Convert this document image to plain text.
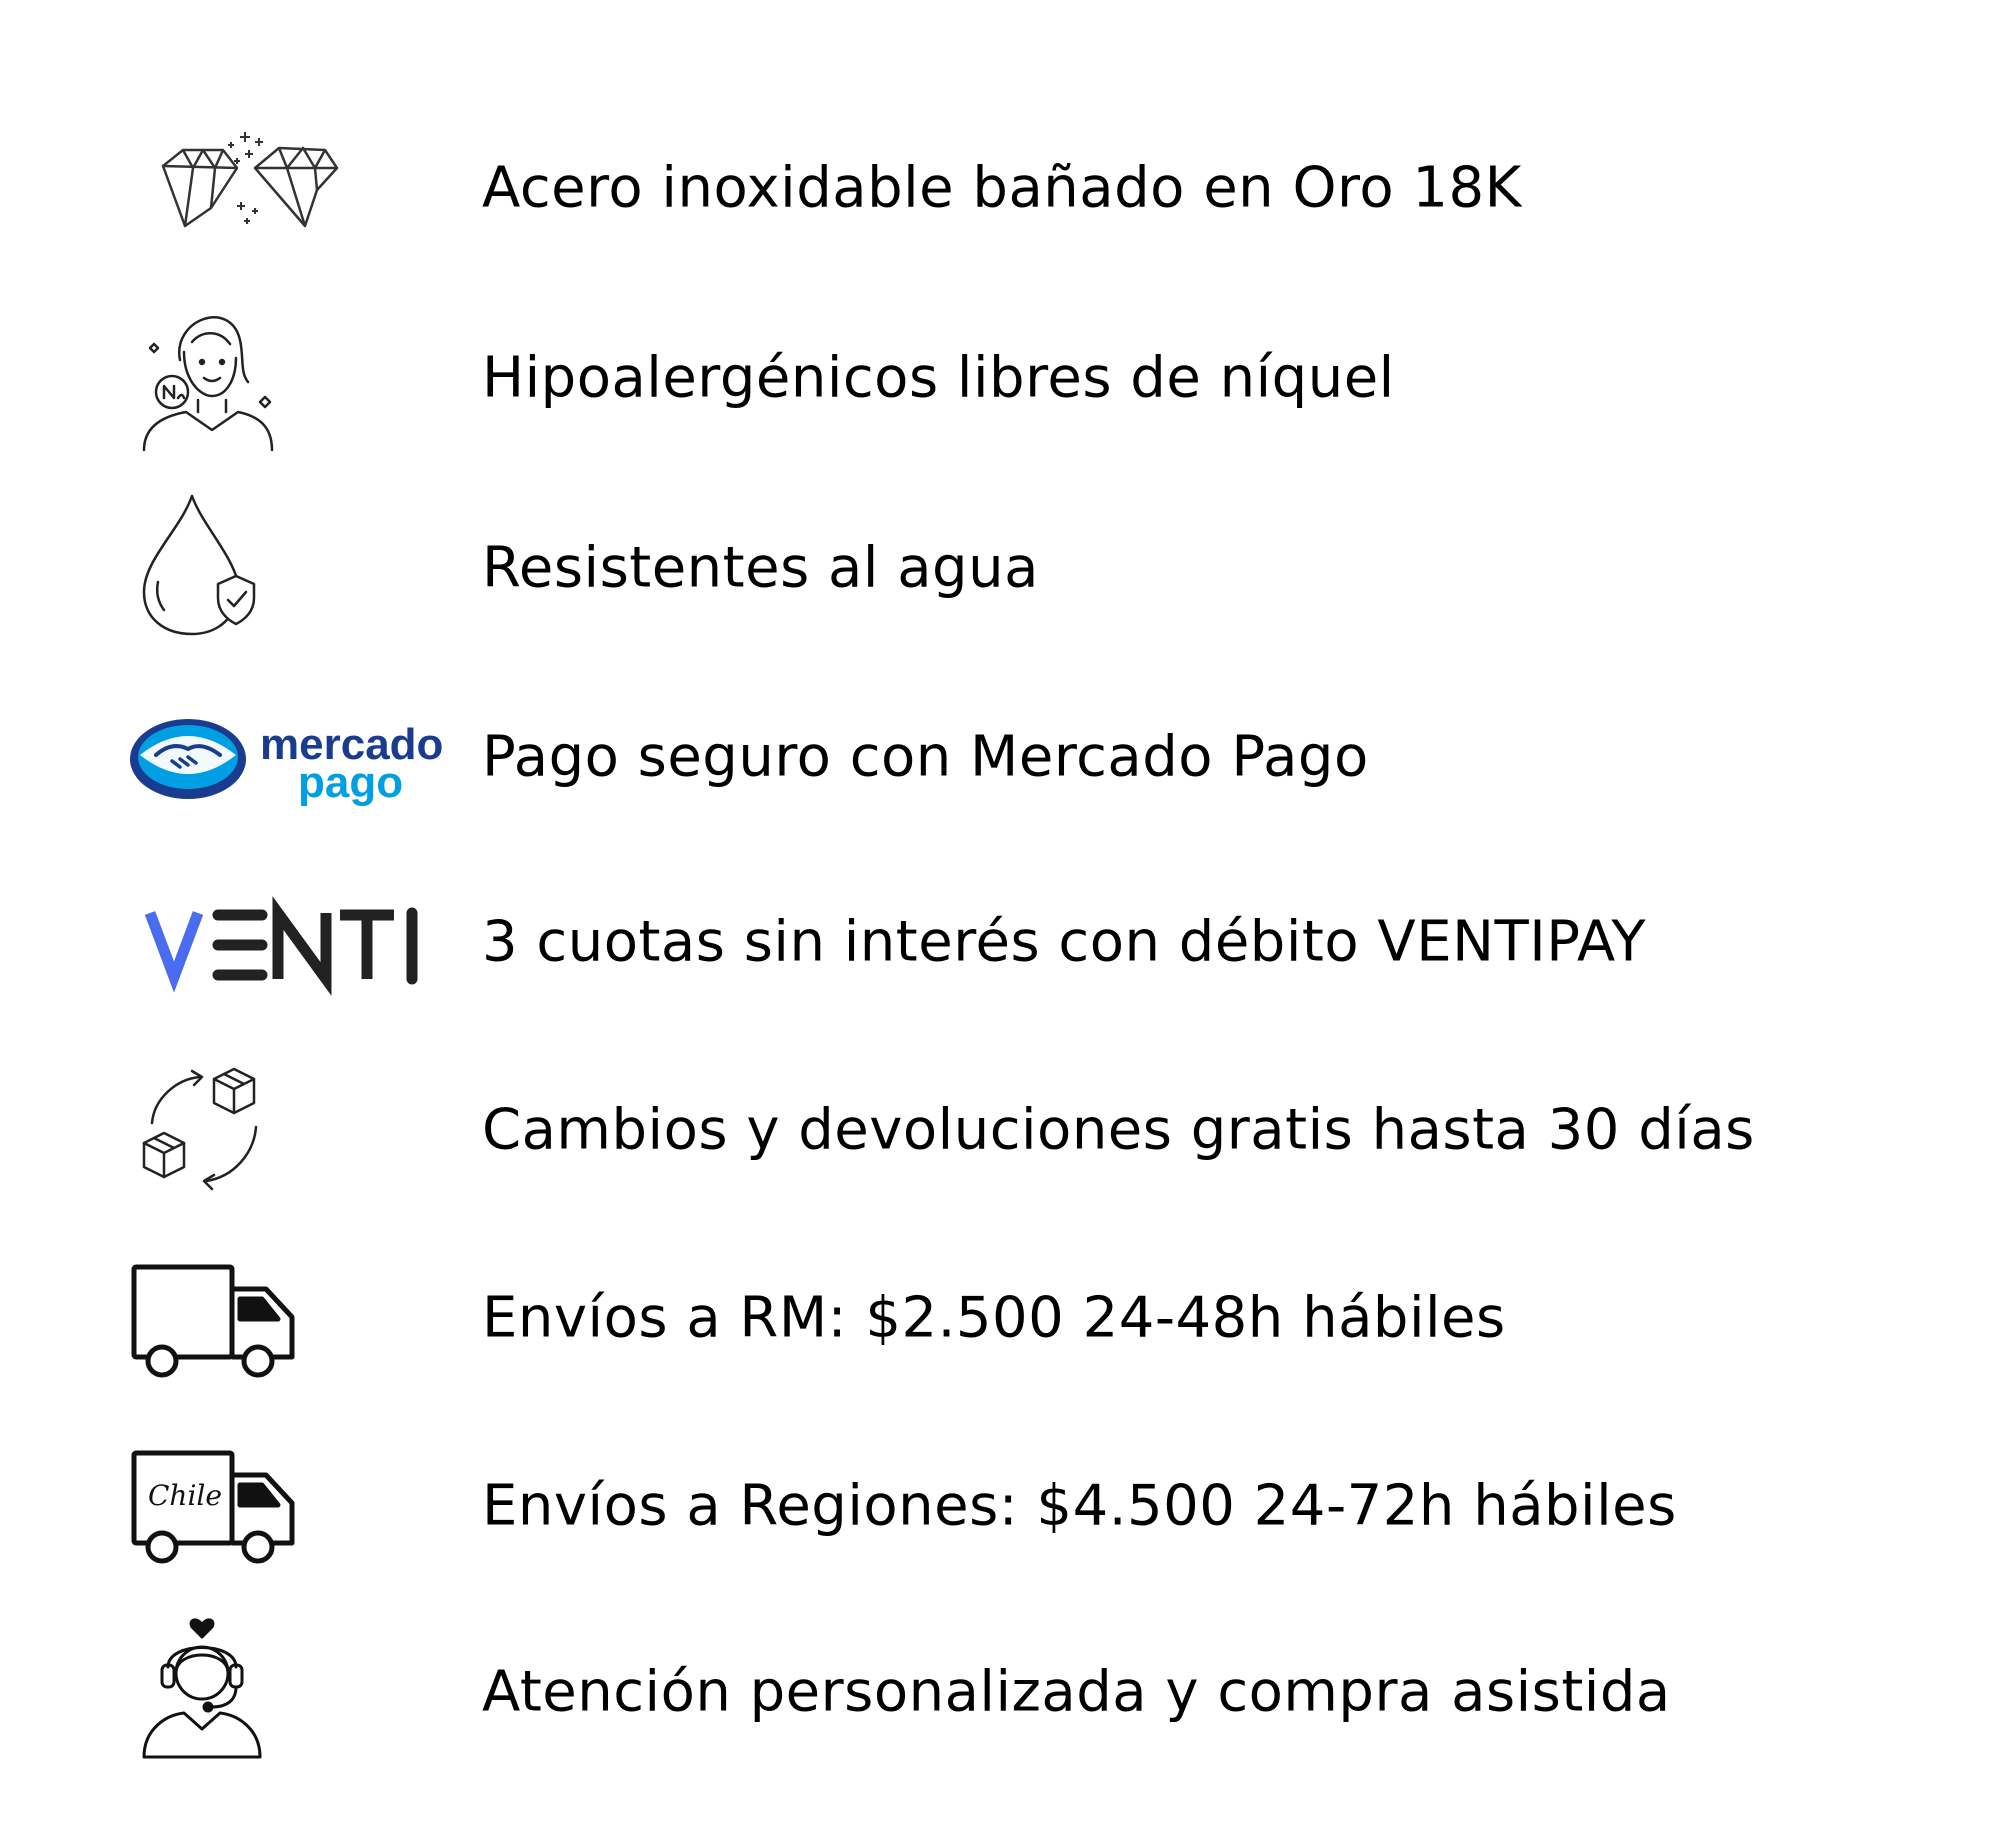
Acero inoxidable bañado en Oro 18K
Hipoalergénicos libres de níquel
Resistentes al agua
mercado
pago Pago seguro con Mercado Pago
3 cuotas sin interés con débito VENTIPAY
Cambios y devoluciones gratis hasta 30 días
Envíos a RM: $2.500 24-48h hábiles
Chile	Envíos a Regiones: $4.500 24-72h hábiles
Atención personalizada y compra asistida
